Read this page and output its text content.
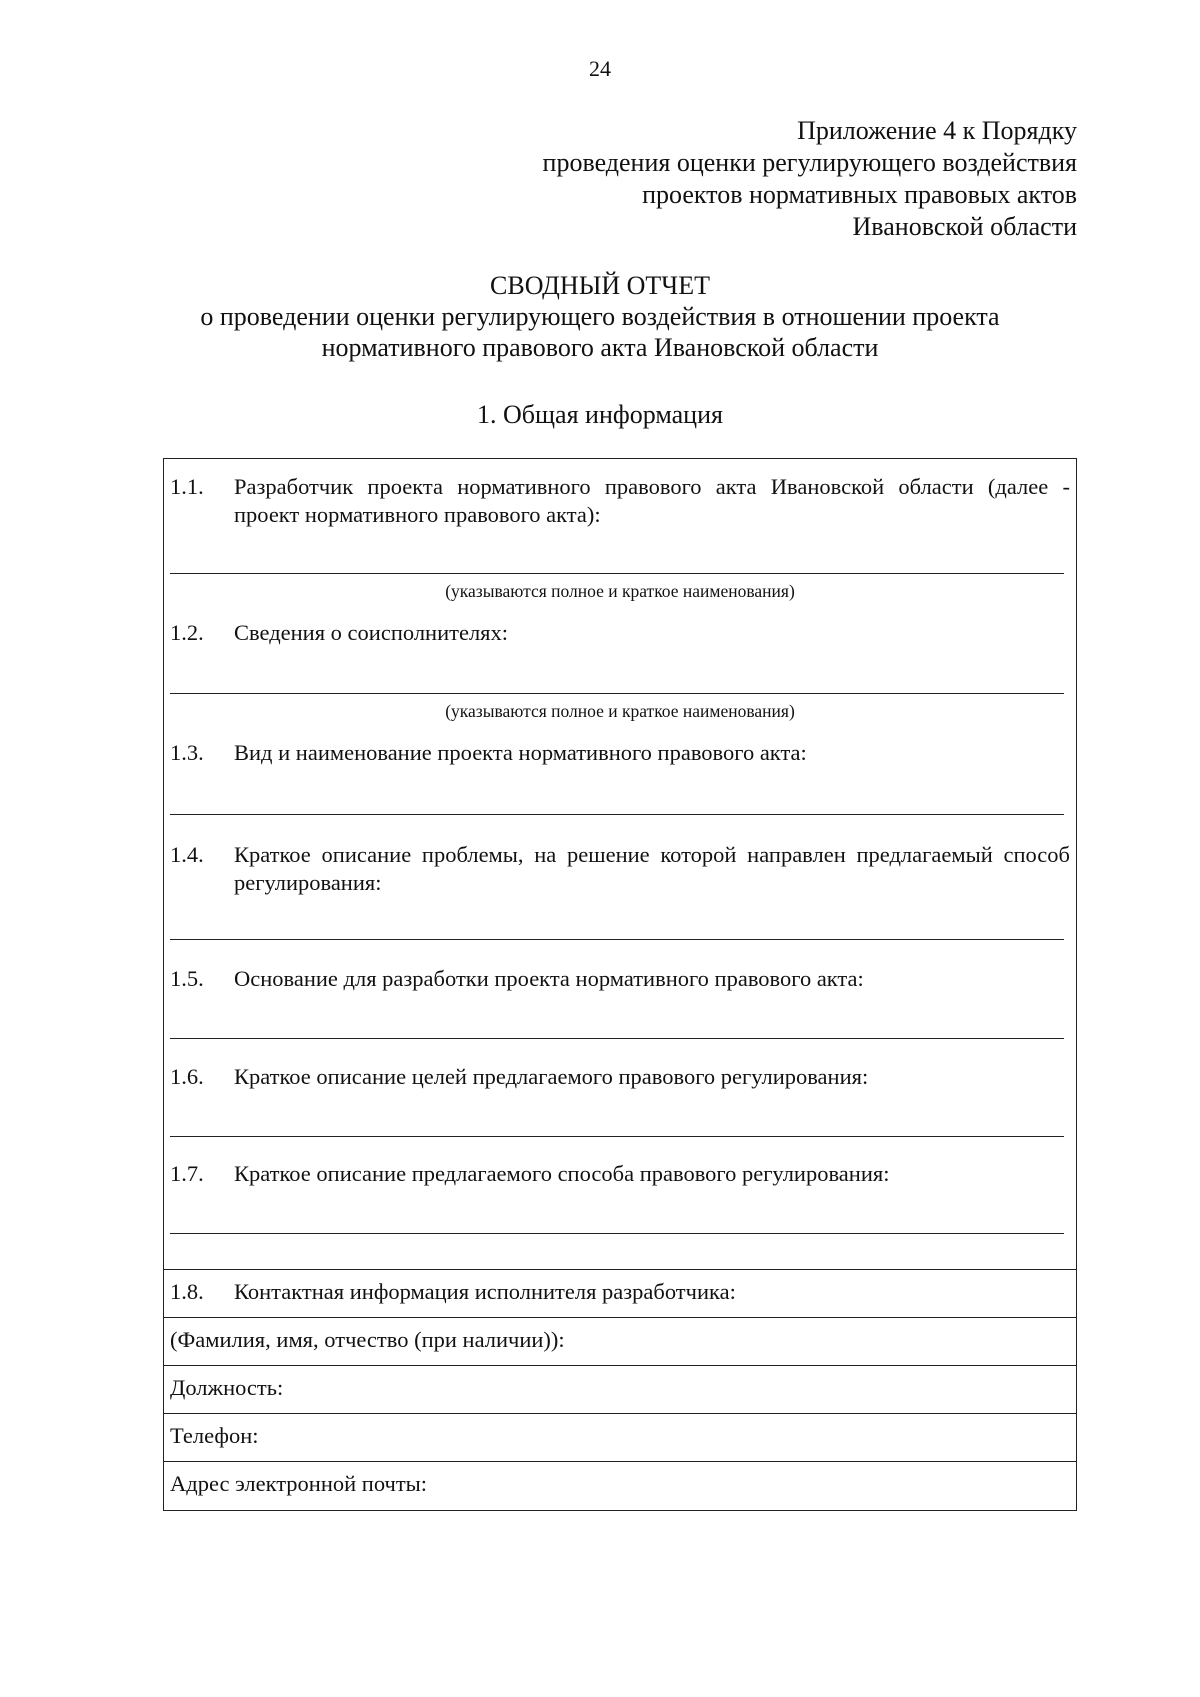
24
Приложение 4 к Порядку
проведения оценки регулирующего воздействия
проектов нормативных правовых актов
Ивановской области
СВОДНЫЙ ОТЧЕТ
о проведении оценки регулирующего воздействия в отношении проекта
нормативного правового акта Ивановской области
1. Общая информация
1.1. Разработчик проекта нормативного правового акта Ивановской области (далее - проект нормативного правового акта):
(указываются полное и краткое наименования)
1.2. Сведения о соисполнителях:
(указываются полное и краткое наименования)
1.3. Вид и наименование проекта нормативного правового акта:
1.4. Краткое описание проблемы, на решение которой направлен предлагаемый способ регулирования:
1.5. Основание для разработки проекта нормативного правового акта:
1.6. Краткое описание целей предлагаемого правового регулирования:
1.7. Краткое описание предлагаемого способа правового регулирования:
1.8. Контактная информация исполнителя разработчика:
(Фамилия, имя, отчество (при наличии)):
Должность:
Телефон:
Адрес электронной почты:
